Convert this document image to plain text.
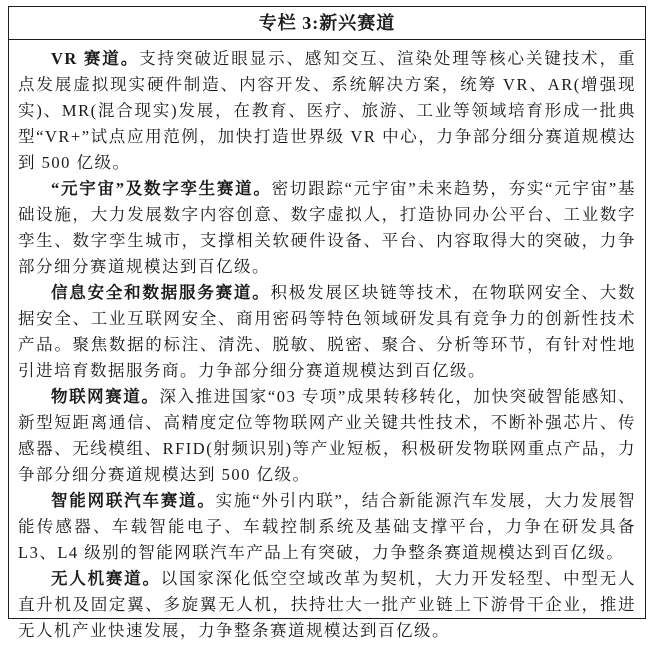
专栏 3:新兴赛道

VR 赛道。支持突破近眼显示、感知交互、渲染处理等核心关键技术，重点发展虚拟现实硬件制造、内容开发、系统解决方案，统筹 VR、AR(增强现实)、MR(混合现实)发展，在教育、医疗、旅游、工业等领域培育形成一批典型“VR+”试点应用范例，加快打造世界级 VR 中心，力争部分细分赛道规模达到 500 亿级。

“元宇宙”及数字孪生赛道。密切跟踪“元宇宙”未来趋势，夯实“元宇宙”基础设施，大力发展数字内容创意、数字虚拟人，打造协同办公平台、工业数字孪生、数字孪生城市，支撑相关软硬件设备、平台、内容取得大的突破，力争部分细分赛道规模达到百亿级。

信息安全和数据服务赛道。积极发展区块链等技术，在物联网安全、大数据安全、工业互联网安全、商用密码等特色领域研发具有竞争力的创新性技术产品。聚焦数据的标注、清洗、脱敏、脱密、聚合、分析等环节，有针对性地引进培育数据服务商。力争部分细分赛道规模达到百亿级。

物联网赛道。深入推进国家“03 专项”成果转移转化，加快突破智能感知、新型短距离通信、高精度定位等物联网产业关键共性技术，不断补强芯片、传感器、无线模组、RFID(射频识别)等产业短板，积极研发物联网重点产品，力争部分细分赛道规模达到 500 亿级。

智能网联汽车赛道。实施“外引内联”，结合新能源汽车发展，大力发展智能传感器、车载智能电子、车载控制系统及基础支撑平台，力争在研发具备 L3、L4 级别的智能网联汽车产品上有突破，力争整条赛道规模达到百亿级。

无人机赛道。以国家深化低空空域改革为契机，大力开发轻型、中型无人直升机及固定翼、多旋翼无人机，扶持壮大一批产业链上下游骨干企业，推进无人机产业快速发展，力争整条赛道规模达到百亿级。
